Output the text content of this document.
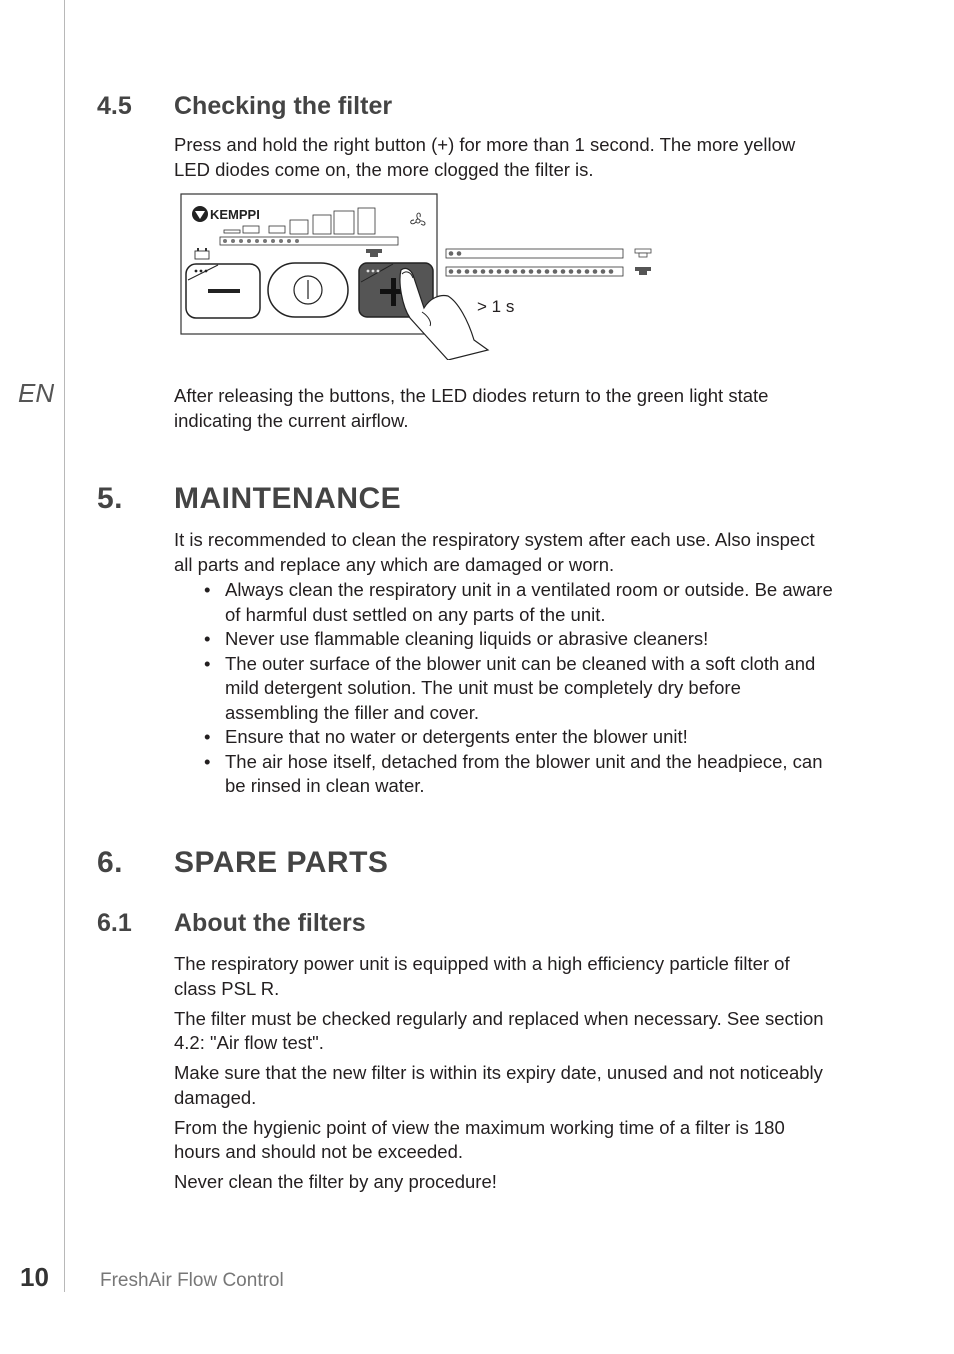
EN
4.5 Checking the filter

Press and hold the right button (+) for more than 1 second. The more yellow LED diodes come on, the more clogged the filter is.

KEMPPI
> 1 s

After releasing the buttons, the LED diodes return to the green light state indicating the current airflow.

5. MAINTENANCE

It is recommended to clean the respiratory system after each use. Also inspect all parts and replace any which are damaged or worn.

• Always clean the respiratory unit in a ventilated room or outside. Be aware of harmful dust settled on any parts of the unit.
• Never use flammable cleaning liquids or abrasive cleaners!
• The outer surface of the blower unit can be cleaned with a soft cloth and mild detergent solution. The unit must be completely dry before assembling the filler and cover.
• Ensure that no water or detergents enter the blower unit!
• The air hose itself, detached from the blower unit and the headpiece, can be rinsed in clean water.
6. SPARE PARTS
6.1 About the filters

The respiratory power unit is equipped with a high efficiency particle filter of class PSL R.

The filter must be checked regularly and replaced when necessary. See section 4.2: "Air flow test".

Make sure that the new filter is within its expiry date, unused and not noticeably damaged.

From the hygienic point of view the maximum working time of a filter is 180 hours and should not be exceeded.

Never clean the filter by any procedure!

10	FreshAir Flow Control
